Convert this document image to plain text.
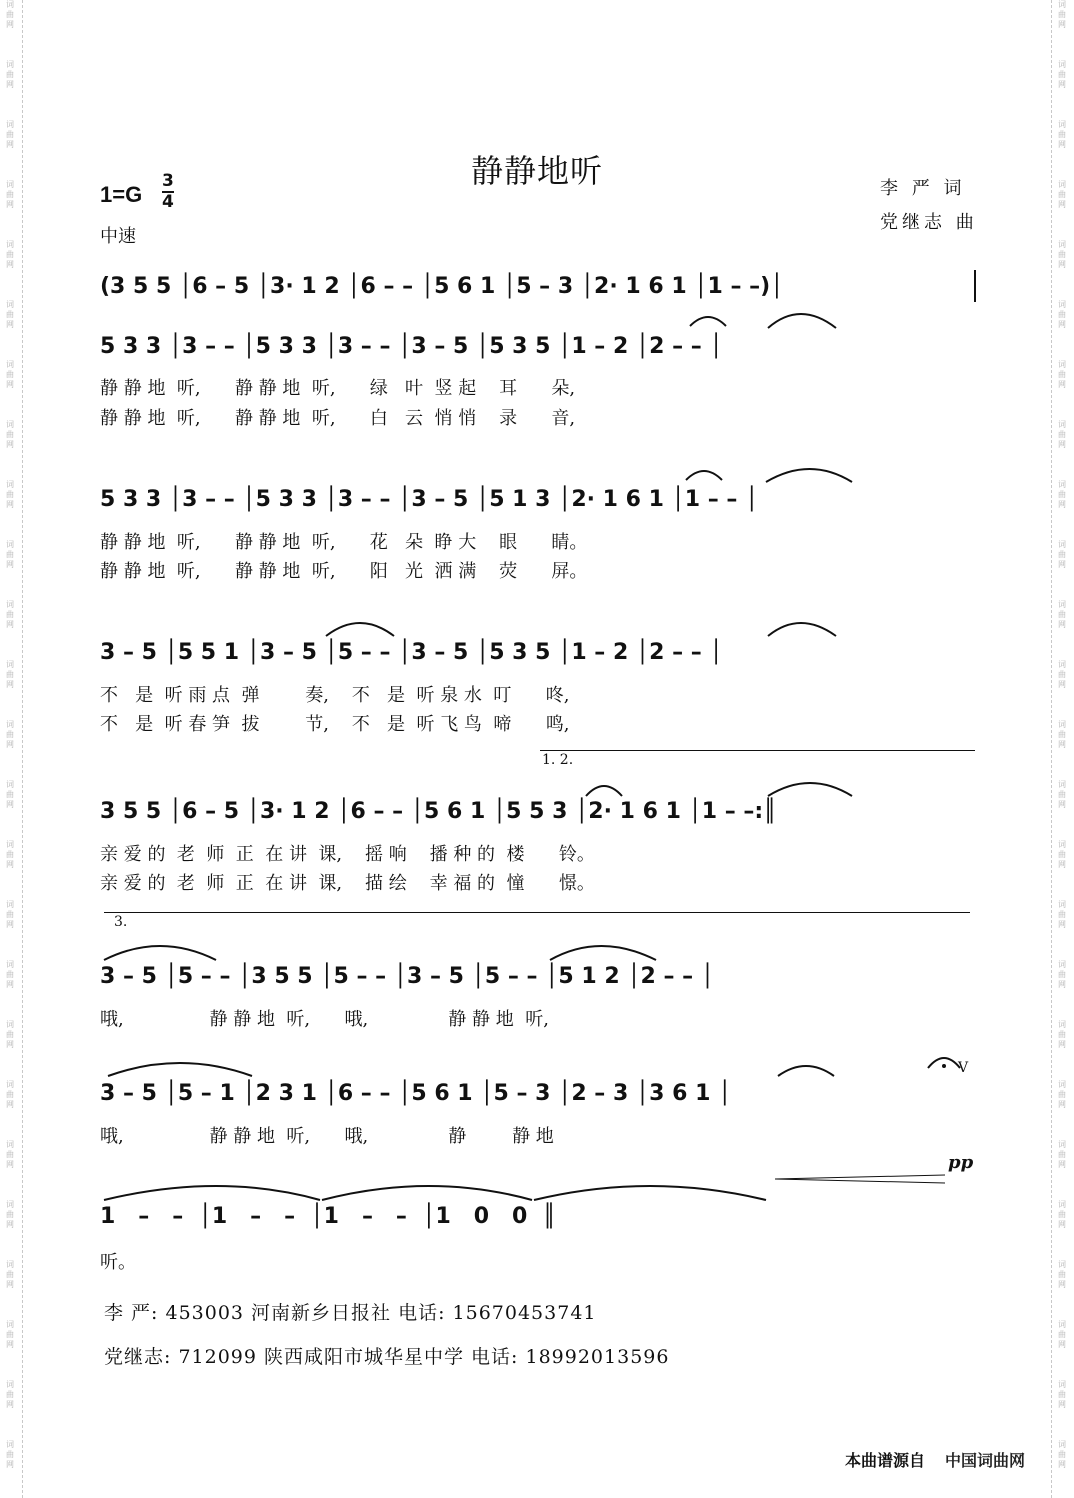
词
曲
网
词
曲
网
词
曲
网
词
曲
网
词
曲
网
词
曲
网
词
曲
网
词
曲
网
词
曲
网
词
曲
网
词
曲
网
词
曲
网
词
曲
网
词
曲
网
词
曲
网
词
曲
网
词
曲
网
词
曲
网
词
曲
网
词
曲
网
词
曲
网
词
曲
网
词
曲
网
词
曲
网
词
曲
网
词
曲
网
词
曲
网
词
曲
网
词
曲
网
词
曲
网
词
曲
网
词
曲
网
词
曲
网
词
曲
网
词
曲
网
词
曲
网
词
曲
网
词
曲
网
词
曲
网
词
曲
网
词
曲
网
词
曲
网
词
曲
网
词
曲
网
词
曲
网
词
曲
网
词
曲
网
词
曲
网
词
曲
网
词
曲
网
静静地听	李 严 词
党继志 曲
1=G
3
4
中速
(3 5 5 │6 – 5 │3· 1 2 │6 – – │5 6 1 │5 – 3 │2· 1 6 1 │1 – –)│
5 3 3 │3 – – │5 3 3 │3 – – │3 – 5 │5 3 5 │1 – 2 │2 – – │
静 静 地  听,      静 静 地  听,      绿   叶  竖 起    耳      朵,
静 静 地  听,      静 静 地  听,      白   云  悄 悄    录      音,
5 3 3 │3 – – │5 3 3 │3 – – │3 – 5 │5 1 3 │2· 1 6 1 │1 – – │
静 静 地  听,      静 静 地  听,      花   朵  睁 大    眼      睛。
静 静 地  听,      静 静 地  听,      阳   光  洒 满    荧      屏。
3 – 5 │5 5 1 │3 – 5 │5 – – │3 – 5 │5 3 5 │1 – 2 │2 – – │
不   是  听 雨 点  弹        奏,    不   是  听 泉 水  叮      咚,
不   是  听 春 笋  拔        节,    不   是  听 飞 鸟  啼      鸣,
1. 2.
3 5 5 │6 – 5 │3· 1 2 │6 – – │5 6 1 │5 5 3 │2· 1 6 1 │1 – –:║
亲 爱 的  老  师  正  在 讲  课,    摇 响    播 种 的  楼      铃。
亲 爱 的  老  师  正  在 讲  课,    描 绘    幸 福 的  憧      憬。
3.
3 – 5 │5 – – │3 5 5 │5 – – │3 – 5 │5 – – │5 1 2 │2 – – │
哦,               静 静 地  听,      哦,              静 静 地  听,
3 – 5 │5 – 1 │2 3 1 │6 – – │5 6 1 │5 – 3 │2 – 3 │3 6 1 │
哦,               静 静 地  听,      哦,              静        静 地
pp
V
1   –   –  │1   –   –  │1   –   –  │1   0   0  ║
听。
李 严: 453003 河南新乡日报社 电话: 15670453741
党继志: 712099 陕西咸阳市城华星中学 电话: 18992013596
本曲谱源自 中国词曲网
